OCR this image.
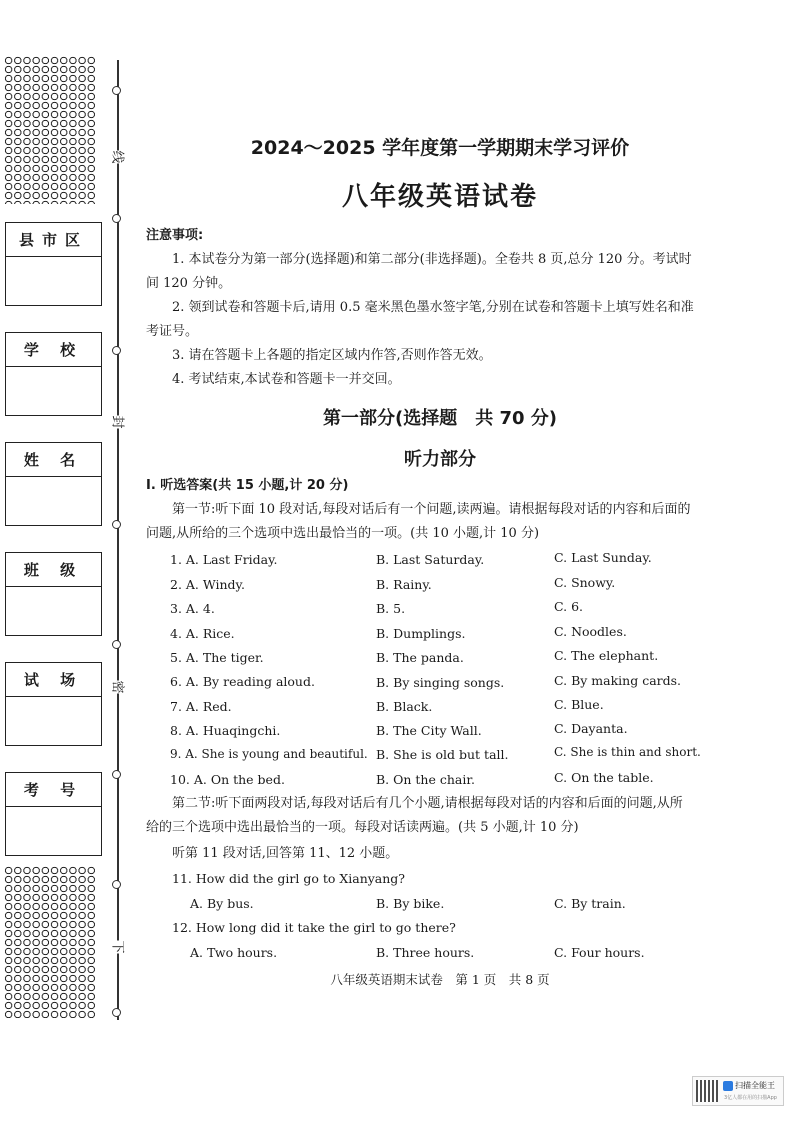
县市区
学 校
姓 名
班 级
试 场
考 号
线
封
密
下
2024～2025 学年度第一学期期末学习评价
八年级英语试卷
注意事项:
1. 本试卷分为第一部分(选择题)和第二部分(非选择题)。全卷共 8 页,总分 120 分。考试时
间 120 分钟。
2. 领到试卷和答题卡后,请用 0.5 毫米黑色墨水签字笔,分别在试卷和答题卡上填写姓名和准
考证号。
3. 请在答题卡上各题的指定区域内作答,否则作答无效。
4. 考试结束,本试卷和答题卡一并交回。
第一部分(选择题　共 70 分)
听力部分
Ⅰ. 听选答案(共 15 小题,计 20 分)
第一节:听下面 10 段对话,每段对话后有一个问题,读两遍。请根据每段对话的内容和后面的
问题,从所给的三个选项中选出最恰当的一项。(共 10 小题,计 10 分)
1. A. Last Friday.	B. Last Saturday.	C. Last Sunday.
2. A. Windy.	B. Rainy.	C. Snowy.
3. A. 4.	B. 5.	C. 6.
4. A. Rice.	B. Dumplings.	C. Noodles.
5. A. The tiger.	B. The panda.	C. The elephant.
6. A. By reading aloud.	B. By singing songs.	C. By making cards.
7. A. Red.	B. Black.	C. Blue.
8. A. Huaqingchi.	B. The City Wall.	C. Dayanta.
9. A. She is young and beautiful. B. She is old but tall.	C. She is thin and short.
10. A. On the bed.	B. On the chair.	C. On the table.
第二节:听下面两段对话,每段对话后有几个小题,请根据每段对话的内容和后面的问题,从所
给的三个选项中选出最恰当的一项。每段对话读两遍。(共 5 小题,计 10 分)
听第 11 段对话,回答第 11、12 小题。
11. How did the girl go to Xianyang?
A. By bus.	B. By bike.	C. By train.
12. How long did it take the girl to go there?
A. Two hours.	B. Three hours.	C. Four hours.
八年级英语期末试卷　第 1 页　共 8 页
扫描全能王
3亿人都在用的扫描App
